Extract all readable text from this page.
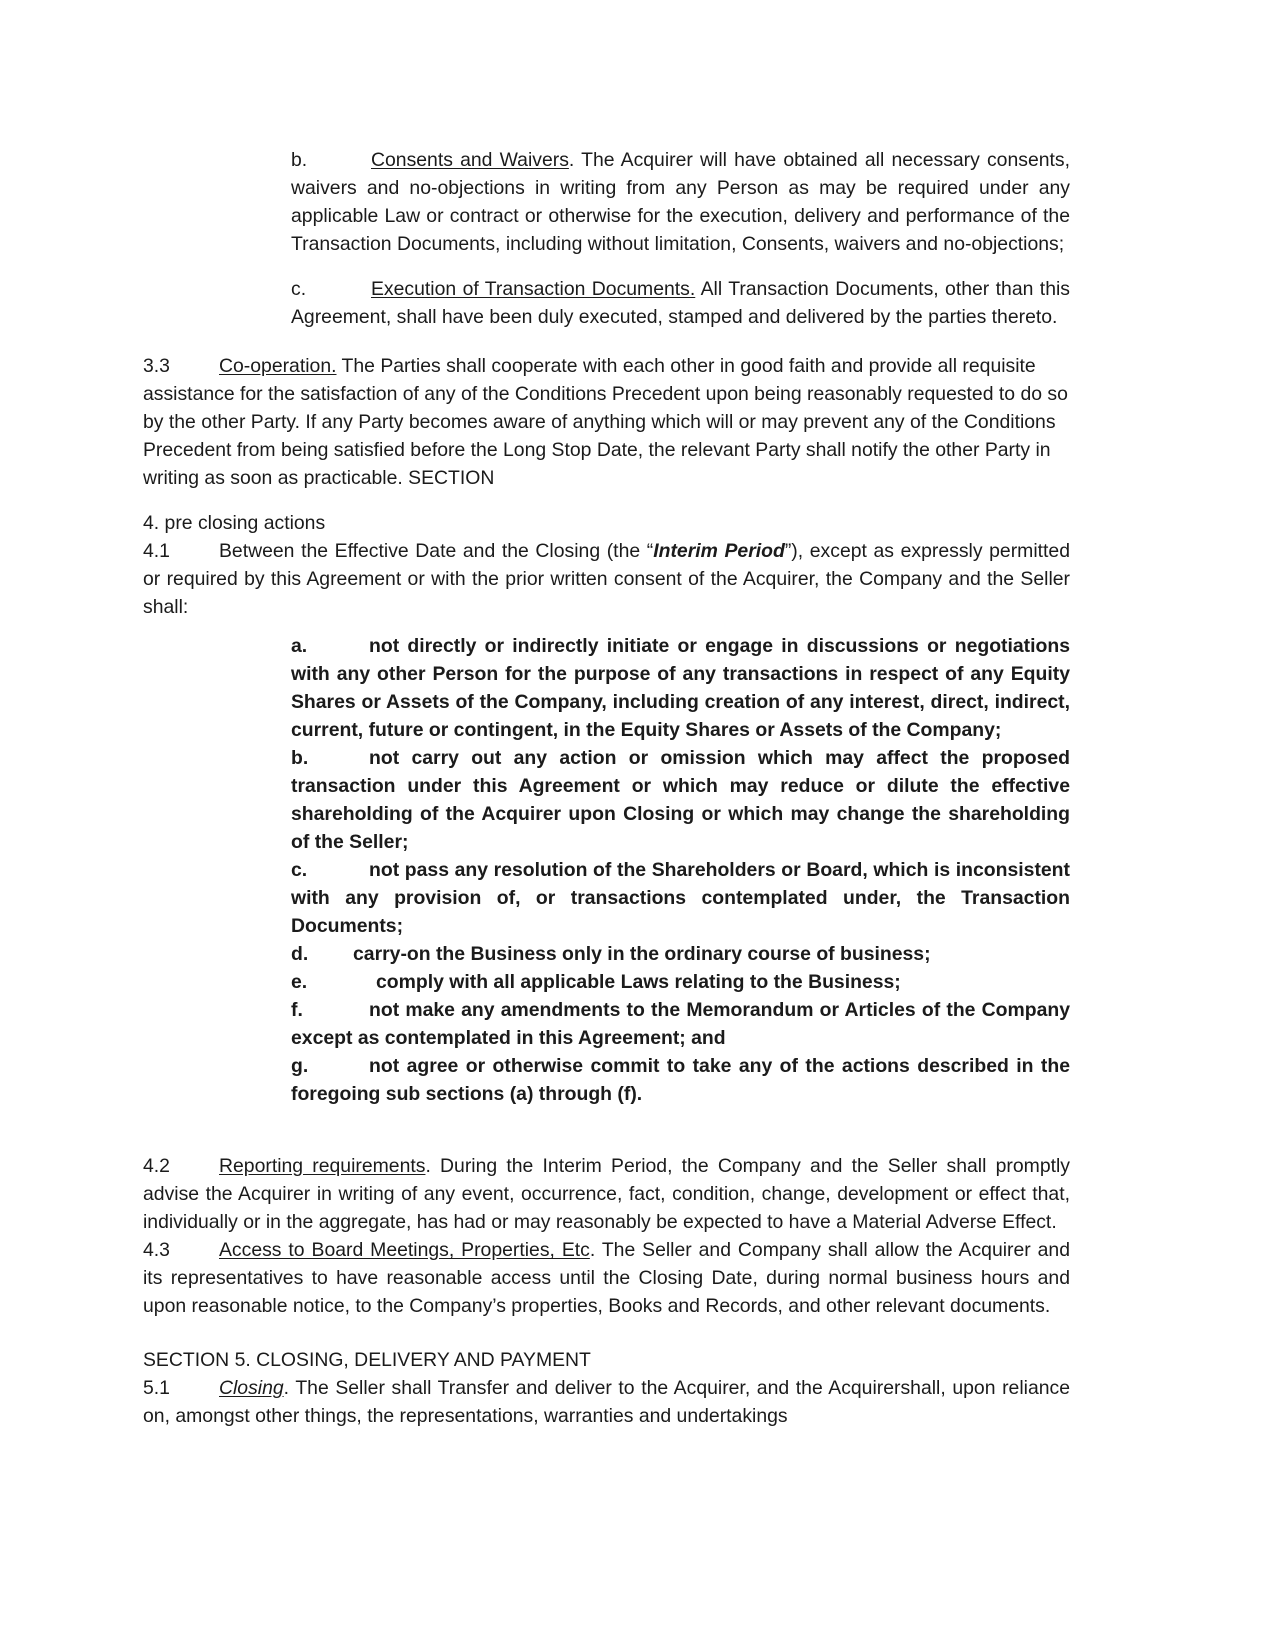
b.	Consents and Waivers. The Acquirer will have obtained all necessary consents, waivers and no-objections in writing from any Person as may be required under any applicable Law or contract or otherwise for the execution, delivery and performance of the Transaction Documents, including without limitation, Consents, waivers and no-objections;

c.	Execution of Transaction Documents. All Transaction Documents, other than this Agreement, shall have been duly executed, stamped and delivered by the parties thereto.

3.3	Co-operation. The Parties shall cooperate with each other in good faith and provide all requisite assistance for the satisfaction of any of the Conditions Precedent upon being reasonably requested to do so by the other Party. If any Party becomes aware of anything which will or may prevent any of the Conditions Precedent from being satisfied before the Long Stop Date, the relevant Party shall notify the other Party in writing as soon as practicable. SECTION

4. pre closing actions

4.1	Between the Effective Date and the Closing (the “Interim Period”), except as expressly permitted or required by this Agreement or with the prior written consent of the Acquirer, the Company and the Seller shall:

a.	not directly or indirectly initiate or engage in discussions or negotiations with any other Person for the purpose of any transactions in respect of any Equity Shares or Assets of the Company, including creation of any interest, direct, indirect, current, future or contingent, in the Equity Shares or Assets of the Company;

b.	not carry out any action or omission which may affect the proposed transaction under this Agreement or which may reduce or dilute the effective shareholding of the Acquirer upon Closing or which may change the shareholding of the Seller;

c.	not pass any resolution of the Shareholders or Board, which is inconsistent with any provision of, or transactions contemplated under, the Transaction Documents;

d. carry-on the Business only in the ordinary course of business;

e.	comply with all applicable Laws relating to the Business;

f.	not make any amendments to the Memorandum or Articles of the Company except as contemplated in this Agreement; and

g.	not agree or otherwise commit to take any of the actions described in the foregoing sub sections (a) through (f).

4.2	Reporting requirements. During the Interim Period, the Company and the Seller shall promptly advise the Acquirer in writing of any event, occurrence, fact, condition, change, development or effect that, individually or in the aggregate, has had or may reasonably be expected to have a Material Adverse Effect.

4.3	Access to Board Meetings, Properties, Etc. The Seller and Company shall allow the Acquirer and its representatives to have reasonable access until the Closing Date, during normal business hours and upon reasonable notice, to the Company’s properties, Books and Records, and other relevant documents.

SECTION 5. CLOSING, DELIVERY AND PAYMENT

5.1	Closing. The Seller shall Transfer and deliver to the Acquirer, and the Acquirershall, upon reliance on, amongst other things, the representations, warranties and undertakings
